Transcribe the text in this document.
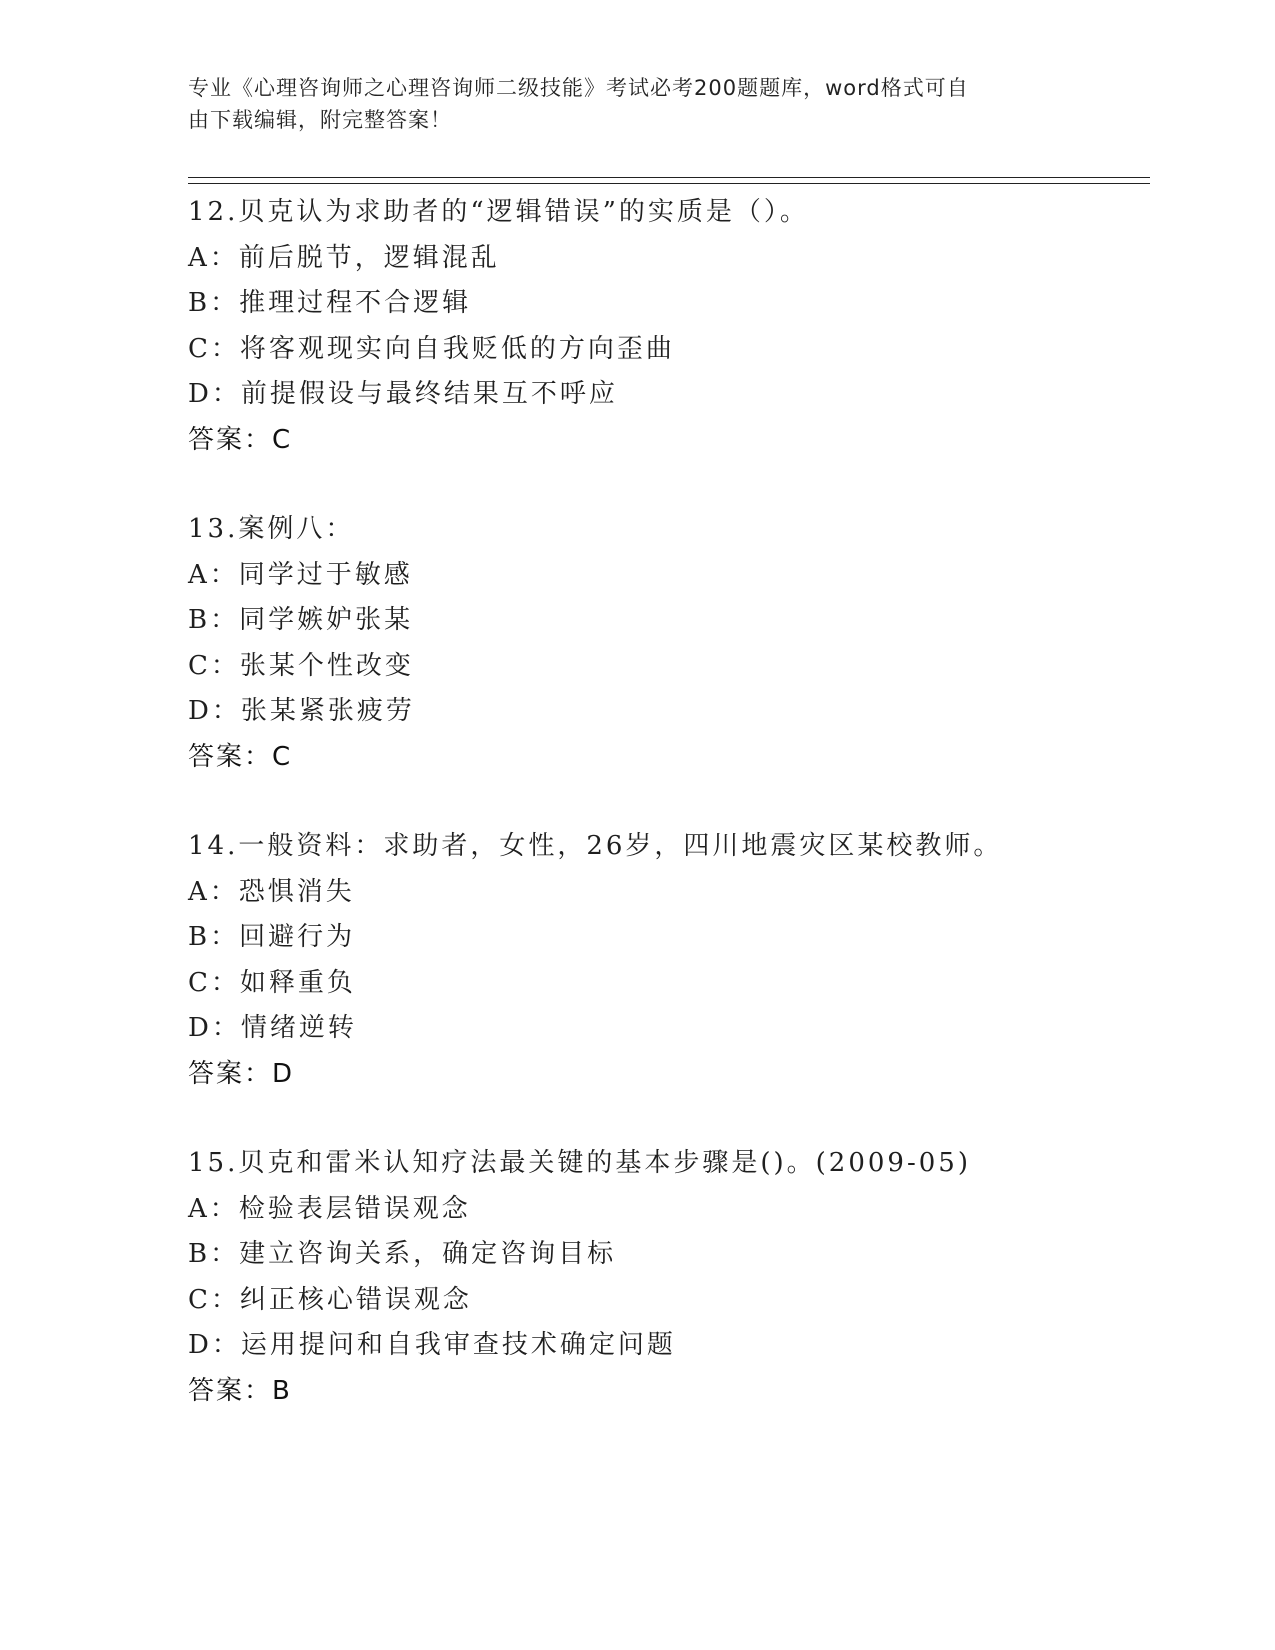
专业《心理咨询师之心理咨询师二级技能》考试必考200题题库，word格式可自
由下载编辑，附完整答案！
12.贝克认为求助者的“逻辑错误”的实质是（）。
A：前后脱节，逻辑混乱
B：推理过程不合逻辑
C：将客观现实向自我贬低的方向歪曲
D：前提假设与最终结果互不呼应
答案：C
13.案例八：
A：同学过于敏感
B：同学嫉妒张某
C：张某个性改变
D：张某紧张疲劳
答案：C
14.一般资料：求助者，女性，26岁，四川地震灾区某校教师。
A：恐惧消失
B：回避行为
C：如释重负
D：情绪逆转
答案：D
15.贝克和雷米认知疗法最关键的基本步骤是()。(2009-05)
A：检验表层错误观念
B：建立咨询关系，确定咨询目标
C：纠正核心错误观念
D：运用提问和自我审查技术确定问题
答案：B
